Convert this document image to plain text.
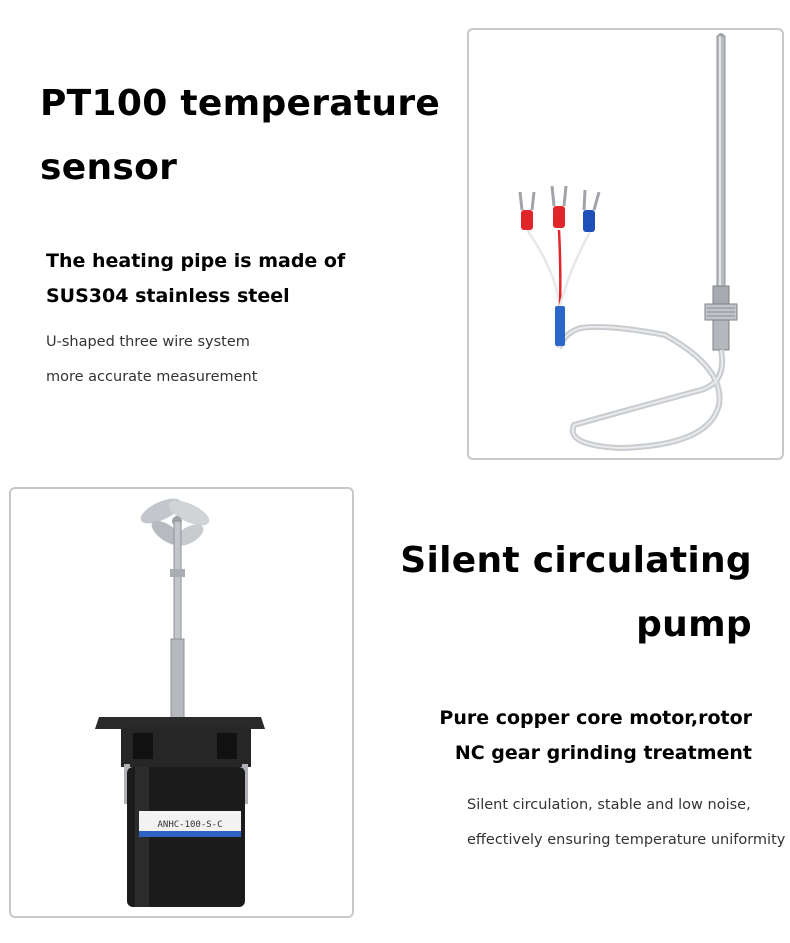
PT100 temperature
sensor
The heating pipe is made of
SUS304 stainless steel
U-shaped three wire system
more accurate measurement
ANHC-100-S-C
Silent circulating
pump
Pure copper core motor,rotor
NC gear grinding treatment
Silent circulation, stable and low noise,
effectively ensuring temperature uniformity
